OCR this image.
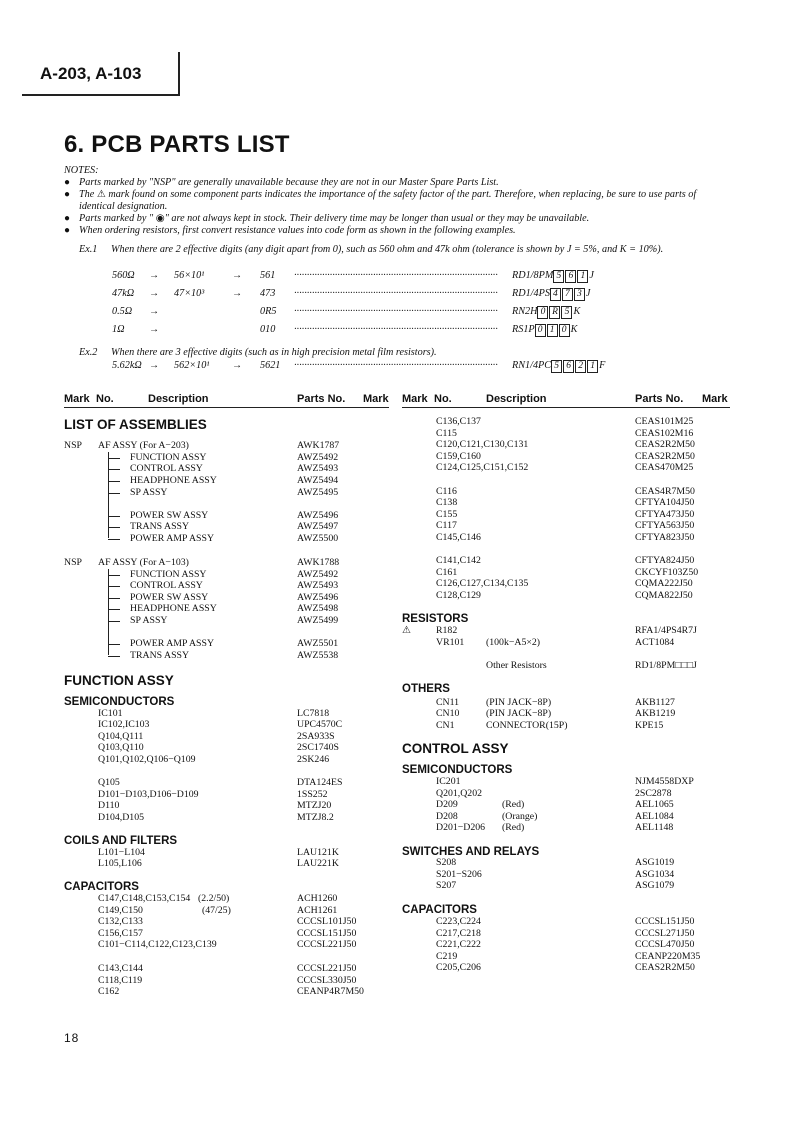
A-203, A-103
6. PCB PARTS LIST

NOTES:

● Parts marked by "NSP" are generally unavailable because they are not in our Master Spare Parts List.
● The ⚠ mark found on some component parts indicates the importance of the safety factor of the part. Therefore, when replacing, be sure to use parts of identical designation.
● Parts marked by " ◉" are not always kept in stock. Their delivery time may be longer than usual or they may be unavailable.
● When ordering resistors, first convert resistance values into code form as shown in the following examples.
Ex.1 When there are 2 effective digits (any digit apart from 0), such as 560 ohm and 47k ohm (tolerance is shown by J = 5%, and K = 10%).
560Ω → 56×10¹	→ 561 ················································································	RD1/8PM 5 6 1 J
47kΩ → 47×10³	→ 473 ················································································	RD1/4PS 4 7 3 J
0.5Ω →	0R5 ················································································	RN2H 0 R 5 K
1Ω →	010 ················································································	RS1P 0 1 0 K
Ex.2 When there are 3 effective digits (such as in high precision metal film resistors).
5.62kΩ → 562×10¹ → 5621 ················································································	RN1/4PC 5 6 2 1 F
Mark No.	Description	Parts No. Mark Mark No.	Description	Parts No. Mark
LIST OF ASSEMBLIES
FUNCTION ASSY
SEMICONDUCTORS
COILS AND FILTERS
CAPACITORS
RESISTORS
OTHERS
CONTROL ASSY
SEMICONDUCTORS
SWITCHES AND RELAYS
CAPACITORS
NSP AF ASSY (For A−203)	AWK1787
FUNCTION ASSY	AWZ5492
CONTROL ASSY	AWZ5493
HEADPHONE ASSY	AWZ5494
SP ASSY	AWZ5495
POWER SW ASSY	AWZ5496
TRANS ASSY	AWZ5497
POWER AMP ASSY	AWZ5500
NSP AF ASSY (For A−103)	AWK1788
FUNCTION ASSY	AWZ5492
CONTROL ASSY	AWZ5493
POWER SW ASSY	AWZ5496
HEADPHONE ASSY	AWZ5498
SP ASSY	AWZ5499
POWER AMP ASSY	AWZ5501
TRANS ASSY	AWZ5538
IC101	LC7818
IC102,IC103	UPC4570C
Q104,Q111	2SA933S
Q103,Q110	2SC1740S
Q101,Q102,Q106−Q109	2SK246
Q105	DTA124ES
D101−D103,D106−D109	1SS252
D110	MTZJ20
D104,D105	MTZJ8.2
L101−L104	LAU121K
L105,L106	LAU221K
C147,C148,C153,C154 (2.2/50)	ACH1260
C149,C150	(47/25)	ACH1261
C132,C133	CCCSL101J50
C156,C157	CCCSL151J50
C101−C114,C122,C123,C139	CCCSL221J50
C143,C144	CCCSL221J50
C118,C119	CCCSL330J50
C162	CEANP4R7M50
C136,C137	CEAS101M25
C115	CEAS102M16
C120,C121,C130,C131	CEAS2R2M50
C159,C160	CEAS2R2M50
C124,C125,C151,C152	CEAS470M25
C116	CEAS4R7M50
C138	CFTYA104J50
C155	CFTYA473J50
C117	CFTYA563J50
C145,C146	CFTYA823J50
C141,C142	CFTYA824J50
C161	CKCYF103Z50
C126,C127,C134,C135	CQMA222J50
C128,C129	CQMA822J50
⚠	R182	RFA1/4PS4R7J
VR101 (100k−A5×2)	ACT1084
Other Resistors	RD1/8PM□□□J
CN11	(PIN JACK−8P)	AKB1127
CN10	(PIN JACK−8P)	AKB1219
CN1	CONNECTOR(15P)	KPE15
IC201	NJM4558DXP
Q201,Q202	2SC2878
D209	(Red)	AEL1065
D208	(Orange)	AEL1084
D201−D206 (Red)	AEL1148
S208	ASG1019
S201−S206	ASG1034
S207	ASG1079
C223,C224	CCCSL151J50
C217,C218	CCCSL271J50
C221,C222	CCCSL470J50
C219	CEANP220M35
C205,C206	CEAS2R2M50
18
